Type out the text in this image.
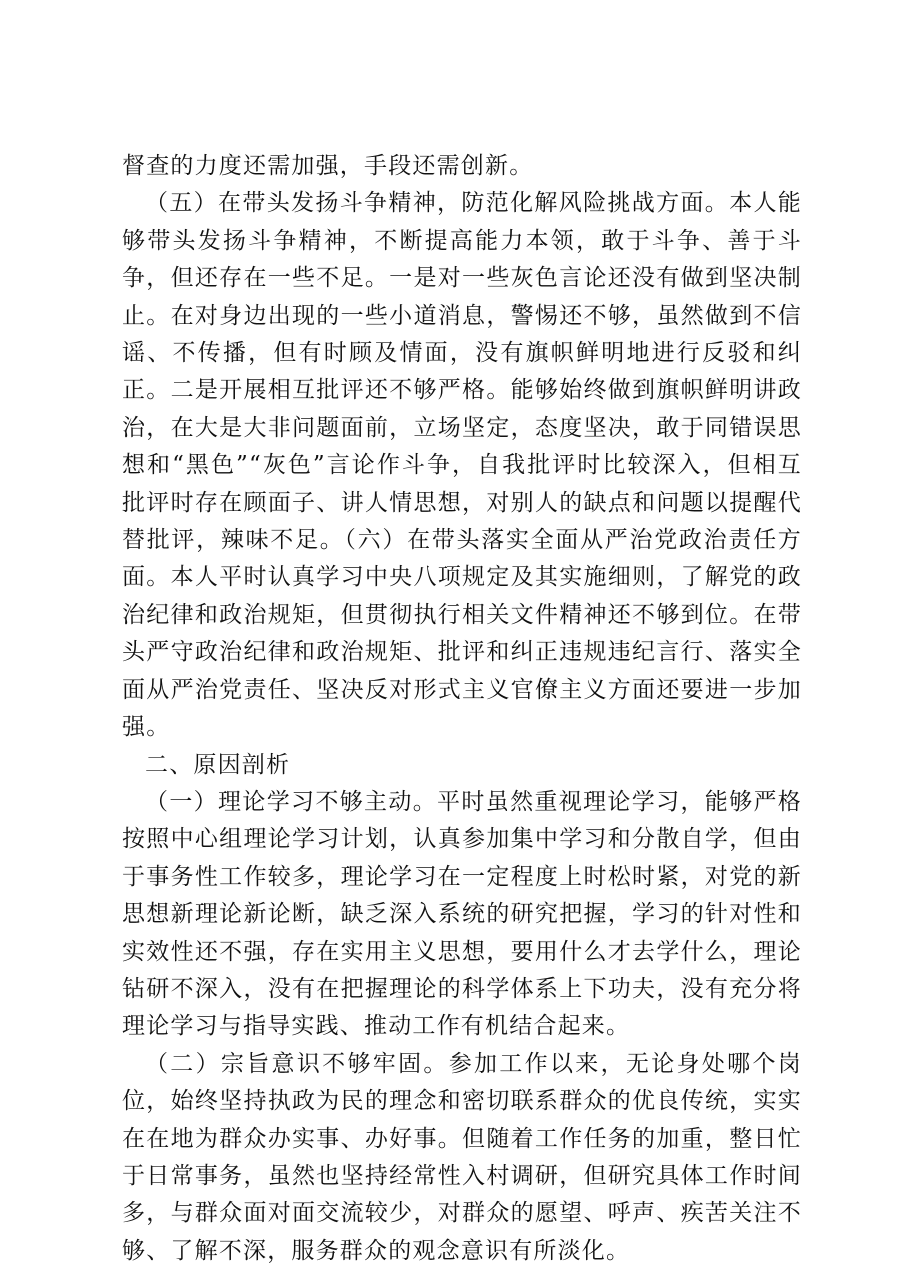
督查的力度还需加强，手段还需创新。

（五）在带头发扬斗争精神，防范化解风险挑战方面。本人能够带头发扬斗争精神，不断提高能力本领，敢于斗争、善于斗争，但还存在一些不足。一是对一些灰色言论还没有做到坚决制止。在对身边出现的一些小道消息，警惕还不够，虽然做到不信谣、不传播，但有时顾及情面，没有旗帜鲜明地进行反驳和纠正。二是开展相互批评还不够严格。能够始终做到旗帜鲜明讲政治，在大是大非问题面前，立场坚定，态度坚决，敢于同错误思想和“黑色”“灰色”言论作斗争，自我批评时比较深入，但相互批评时存在顾面子、讲人情思想，对别人的缺点和问题以提醒代替批评，辣味不足。（六）在带头落实全面从严治党政治责任方面。本人平时认真学习中央八项规定及其实施细则，了解党的政治纪律和政治规矩，但贯彻执行相关文件精神还不够到位。在带头严守政治纪律和政治规矩、批评和纠正违规违纪言行、落实全面从严治党责任、坚决反对形式主义官僚主义方面还要进一步加强。

二、原因剖析

（一）理论学习不够主动。平时虽然重视理论学习，能够严格按照中心组理论学习计划，认真参加集中学习和分散自学，但由于事务性工作较多，理论学习在一定程度上时松时紧，对党的新思想新理论新论断，缺乏深入系统的研究把握，学习的针对性和实效性还不强，存在实用主义思想，要用什么才去学什么，理论钻研不深入，没有在把握理论的科学体系上下功夫，没有充分将理论学习与指导实践、推动工作有机结合起来。

（二）宗旨意识不够牢固。参加工作以来，无论身处哪个岗位，始终坚持执政为民的理念和密切联系群众的优良传统，实实在在地为群众办实事、办好事。但随着工作任务的加重，整日忙于日常事务，虽然也坚持经常性入村调研，但研究具体工作时间多，与群众面对面交流较少，对群众的愿望、呼声、疾苦关注不够、了解不深，服务群众的观念意识有所淡化。
